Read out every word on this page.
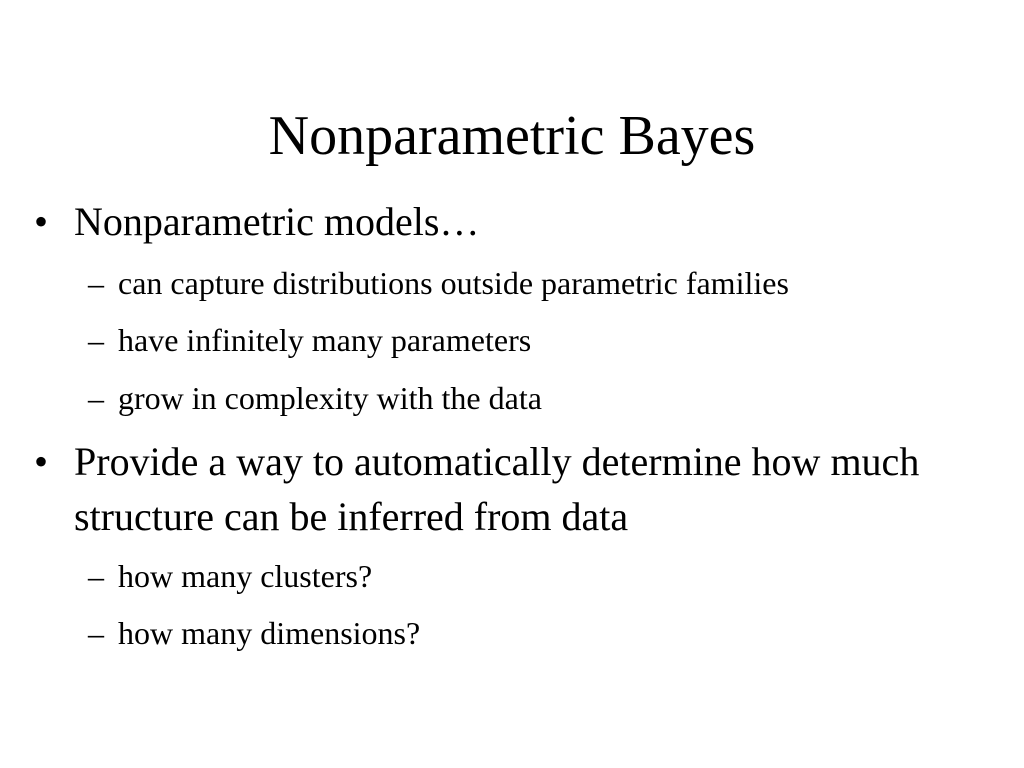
Nonparametric Bayes
• Nonparametric models…
– can capture distributions outside parametric families
– have infinitely many parameters
– grow in complexity with the data
• Provide a way to automatically determine how much structure can be inferred from data
– how many clusters?
– how many dimensions?
